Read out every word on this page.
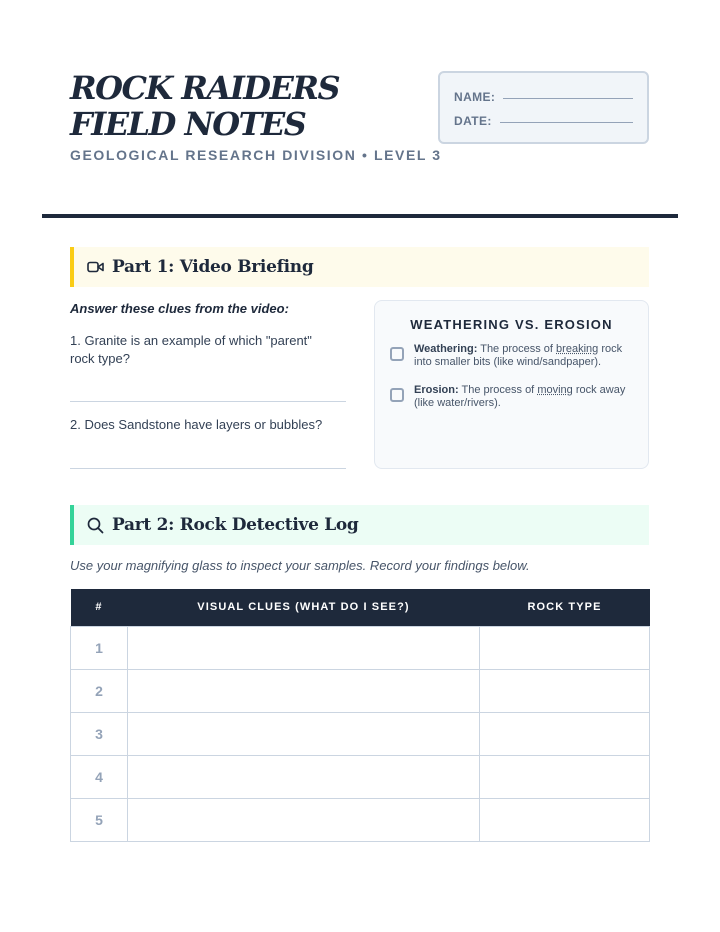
ROCK RAIDERS FIELD NOTES
GEOLOGICAL RESEARCH DIVISION • LEVEL 3
NAME:
DATE:
Part 1: Video Briefing
Answer these clues from the video:
1. Granite is an example of which "parent" rock type?
2. Does Sandstone have layers or bubbles?
WEATHERING VS. EROSION
Weathering: The process of breaking rock into smaller bits (like wind/sandpaper).
Erosion: The process of moving rock away (like water/rivers).
Part 2: Rock Detective Log
Use your magnifying glass to inspect your samples. Record your findings below.
#	VISUAL CLUES (WHAT DO I SEE?)	ROCK TYPE
1		
2		
3		
4		
5		
